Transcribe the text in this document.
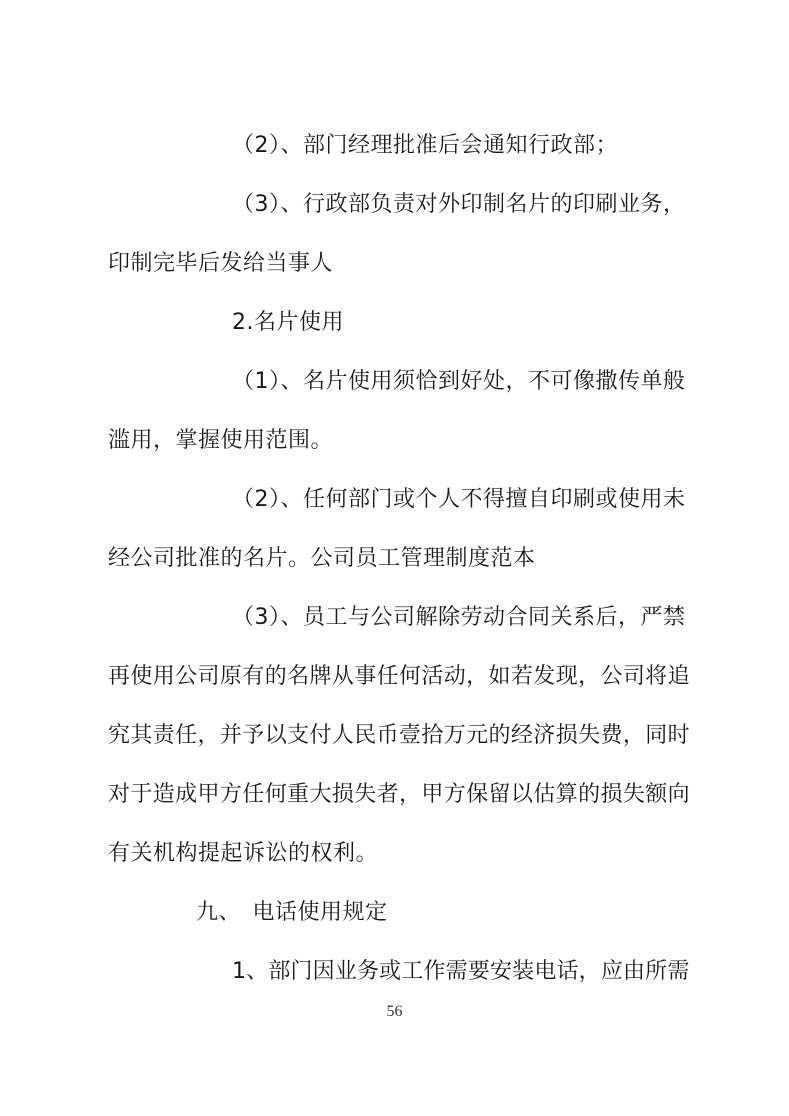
（2）、部门经理批准后会通知行政部；
（3）、行政部负责对外印制名片的印刷业务，
印制完毕后发给当事人
2.名片使用
（1）、名片使用须恰到好处，不可像撒传单般
滥用，掌握使用范围。
（2）、任何部门或个人不得擅自印刷或使用未
经公司批准的名片。公司员工管理制度范本
（3）、员工与公司解除劳动合同关系后，严禁
再使用公司原有的名牌从事任何活动，如若发现，公司将追
究其责任，并予以支付人民币壹拾万元的经济损失费，同时
对于造成甲方任何重大损失者，甲方保留以估算的损失额向
有关机构提起诉讼的权利。
九、　电话使用规定
1、部门因业务或工作需要安装电话，应由所需
56
